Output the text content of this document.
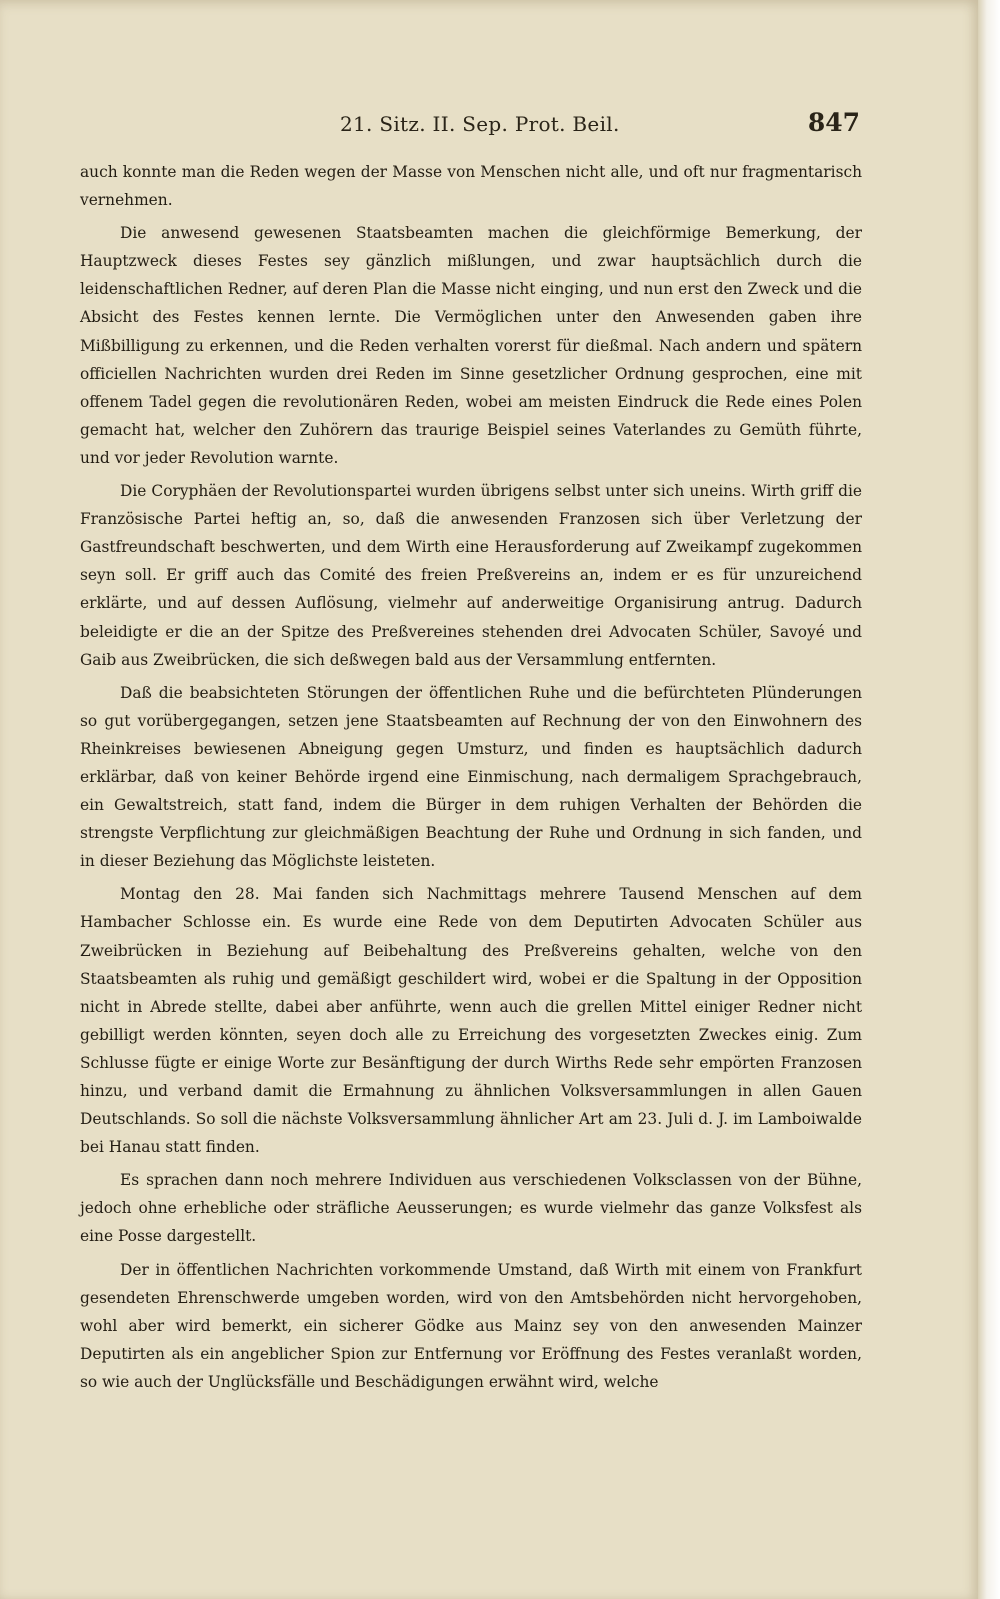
21. Sitz. II. Sep. Prot. Beil.	847

auch konnte man die Reden wegen der Masse von Menschen nicht alle, und oft nur fragmentarisch vernehmen.

Die anwesend gewesenen Staatsbeamten machen die gleichförmige Bemerkung, der Hauptzweck dieses Festes sey gänzlich mißlungen, und zwar hauptsächlich durch die leidenschaftlichen Redner, auf deren Plan die Masse nicht einging, und nun erst den Zweck und die Absicht des Festes kennen lernte. Die Vermöglichen unter den Anwesenden gaben ihre Mißbilligung zu erkennen, und die Reden verhalten vorerst für dießmal. Nach andern und spätern officiellen Nachrichten wurden drei Reden im Sinne gesetzlicher Ordnung gesprochen, eine mit offenem Tadel gegen die revolutionären Reden, wobei am meisten Eindruck die Rede eines Polen gemacht hat, welcher den Zuhörern das traurige Beispiel seines Vaterlandes zu Gemüth führte, und vor jeder Revolution warnte.

Die Coryphäen der Revolutionspartei wurden übrigens selbst unter sich uneins. Wirth griff die Französische Partei heftig an, so, daß die anwesenden Franzosen sich über Verletzung der Gastfreundschaft beschwerten, und dem Wirth eine Herausforderung auf Zweikampf zugekommen seyn soll. Er griff auch das Comité des freien Preßvereins an, indem er es für unzureichend erklärte, und auf dessen Auflösung, vielmehr auf anderweitige Organisirung antrug. Dadurch beleidigte er die an der Spitze des Preßvereines stehenden drei Advocaten Schüler, Savoyé und Gaib aus Zweibrücken, die sich deßwegen bald aus der Versammlung entfernten.

Daß die beabsichteten Störungen der öffentlichen Ruhe und die befürchteten Plünderungen so gut vorübergegangen, setzen jene Staatsbeamten auf Rechnung der von den Einwohnern des Rheinkreises bewiesenen Abneigung gegen Umsturz, und finden es hauptsächlich dadurch erklärbar, daß von keiner Behörde irgend eine Einmischung, nach dermaligem Sprachgebrauch, ein Gewaltstreich, statt fand, indem die Bürger in dem ruhigen Verhalten der Behörden die strengste Verpflichtung zur gleichmäßigen Beachtung der Ruhe und Ordnung in sich fanden, und in dieser Beziehung das Möglichste leisteten.

Montag den 28. Mai fanden sich Nachmittags mehrere Tausend Menschen auf dem Hambacher Schlosse ein. Es wurde eine Rede von dem Deputirten Advocaten Schüler aus Zweibrücken in Beziehung auf Beibehaltung des Preßvereins gehalten, welche von den Staatsbeamten als ruhig und gemäßigt geschildert wird, wobei er die Spaltung in der Opposition nicht in Abrede stellte, dabei aber anführte, wenn auch die grellen Mittel einiger Redner nicht gebilligt werden könnten, seyen doch alle zu Erreichung des vorgesetzten Zweckes einig. Zum Schlusse fügte er einige Worte zur Besänftigung der durch Wirths Rede sehr empörten Franzosen hinzu, und verband damit die Ermahnung zu ähnlichen Volksversammlungen in allen Gauen Deutschlands. So soll die nächste Volksversammlung ähnlicher Art am 23. Juli d. J. im Lamboiwalde bei Hanau statt finden.

Es sprachen dann noch mehrere Individuen aus verschiedenen Volksclassen von der Bühne, jedoch ohne erhebliche oder sträfliche Aeusserungen; es wurde vielmehr das ganze Volksfest als eine Posse dargestellt.

Der in öffentlichen Nachrichten vorkommende Umstand, daß Wirth mit einem von Frankfurt gesendeten Ehrenschwerde umgeben worden, wird von den Amtsbehörden nicht hervorgehoben, wohl aber wird bemerkt, ein sicherer Gödke aus Mainz sey von den anwesenden Mainzer Deputirten als ein angeblicher Spion zur Entfernung vor Eröffnung des Festes veranlaßt worden, so wie auch der Unglücksfälle und Beschädigungen erwähnt wird, welche
